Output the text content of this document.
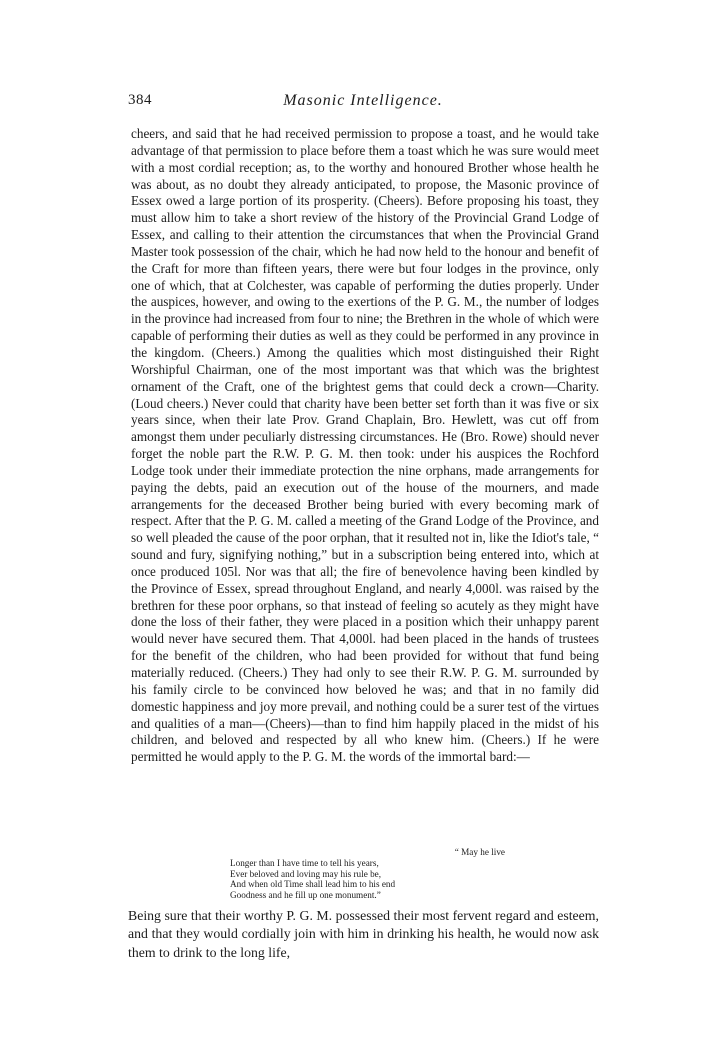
384	Masonic Intelligence.

cheers, and said that he had received permission to propose a toast, and he would take advantage of that permission to place before them a toast which he was sure would meet with a most cordial reception; as, to the worthy and honoured Brother whose health he was about, as no doubt they already anticipated, to propose, the Masonic province of Essex owed a large portion of its prosperity. (Cheers). Before proposing his toast, they must allow him to take a short review of the history of the Provincial Grand Lodge of Essex, and calling to their attention the circumstances that when the Provincial Grand Master took possession of the chair, which he had now held to the honour and benefit of the Craft for more than fifteen years, there were but four lodges in the province, only one of which, that at Colchester, was capable of performing the duties properly. Under the auspices, however, and owing to the exertions of the P. G. M., the number of lodges in the province had increased from four to nine; the Brethren in the whole of which were capable of performing their duties as well as they could be performed in any province in the kingdom. (Cheers.) Among the qualities which most distinguished their Right Worshipful Chairman, one of the most important was that which was the brightest ornament of the Craft, one of the brightest gems that could deck a crown—Charity. (Loud cheers.) Never could that charity have been better set forth than it was five or six years since, when their late Prov. Grand Chaplain, Bro. Hewlett, was cut off from amongst them under peculiarly distressing circumstances. He (Bro. Rowe) should never forget the noble part the R.W. P. G. M. then took: under his auspices the Rochford Lodge took under their immediate protection the nine orphans, made arrangements for paying the debts, paid an execution out of the house of the mourners, and made arrangements for the deceased Brother being buried with every becoming mark of respect. After that the P. G. M. called a meeting of the Grand Lodge of the Province, and so well pleaded the cause of the poor orphan, that it resulted not in, like the Idiot's tale, “ sound and fury, signifying nothing,” but in a subscription being entered into, which at once produced 105l. Nor was that all; the fire of benevolence having been kindled by the Province of Essex, spread throughout England, and nearly 4,000l. was raised by the brethren for these poor orphans, so that instead of feeling so acutely as they might have done the loss of their father, they were placed in a position which their unhappy parent would never have secured them. That 4,000l. had been placed in the hands of trustees for the benefit of the children, who had been provided for without that fund being materially reduced. (Cheers.) They had only to see their R.W. P. G. M. surrounded by his family circle to be convinced how beloved he was; and that in no family did domestic happiness and joy more prevail, and nothing could be a surer test of the virtues and qualities of a man—(Cheers)—than to find him happily placed in the midst of his children, and beloved and respected by all who knew him. (Cheers.) If he were permitted he would apply to the P. G. M. the words of the immortal bard:—

“ May he live
Longer than I have time to tell his years,
Ever beloved and loving may his rule be,
And when old Time shall lead him to his end
Goodness and he fill up one monument.”

Being sure that their worthy P. G. M. possessed their most fervent regard and esteem, and that they would cordially join with him in drinking his health, he would now ask them to drink to the long life,
